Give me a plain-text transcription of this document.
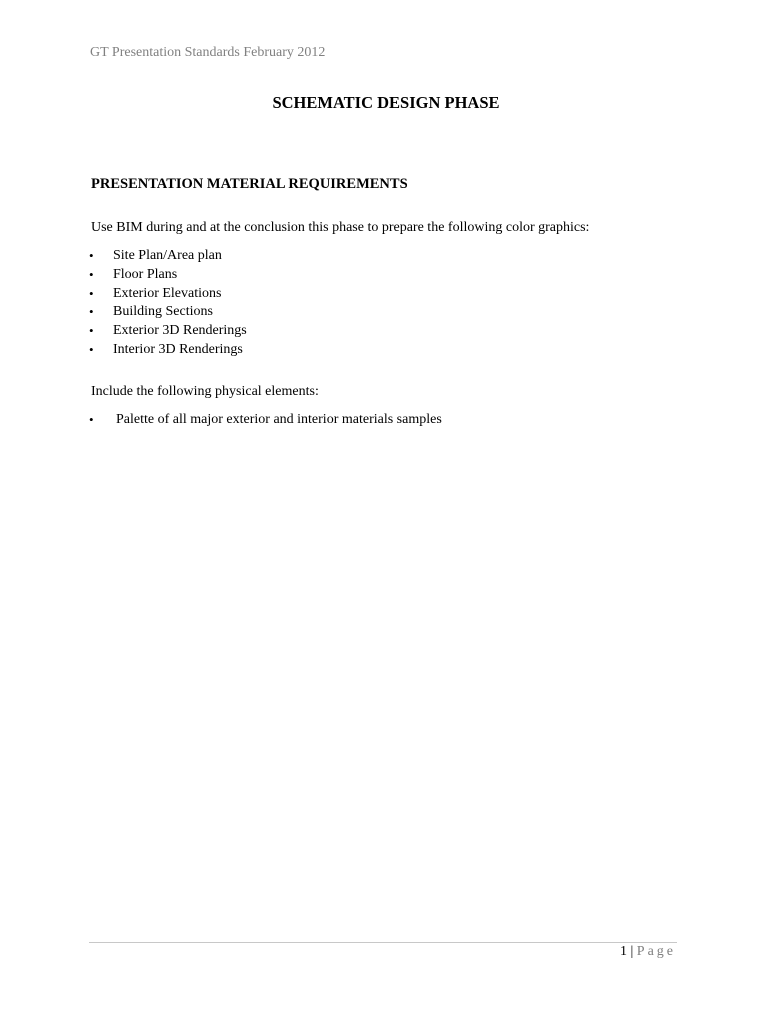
GT Presentation Standards February 2012
SCHEMATIC DESIGN PHASE
PRESENTATION MATERIAL REQUIREMENTS
Use BIM during and at the conclusion this phase to prepare the following color graphics:
• Site Plan/Area plan
• Floor Plans
• Exterior Elevations
• Building Sections
• Exterior 3D Renderings
• Interior 3D Renderings
Include the following physical elements:
• Palette of all major exterior and interior materials samples
1 | Page
